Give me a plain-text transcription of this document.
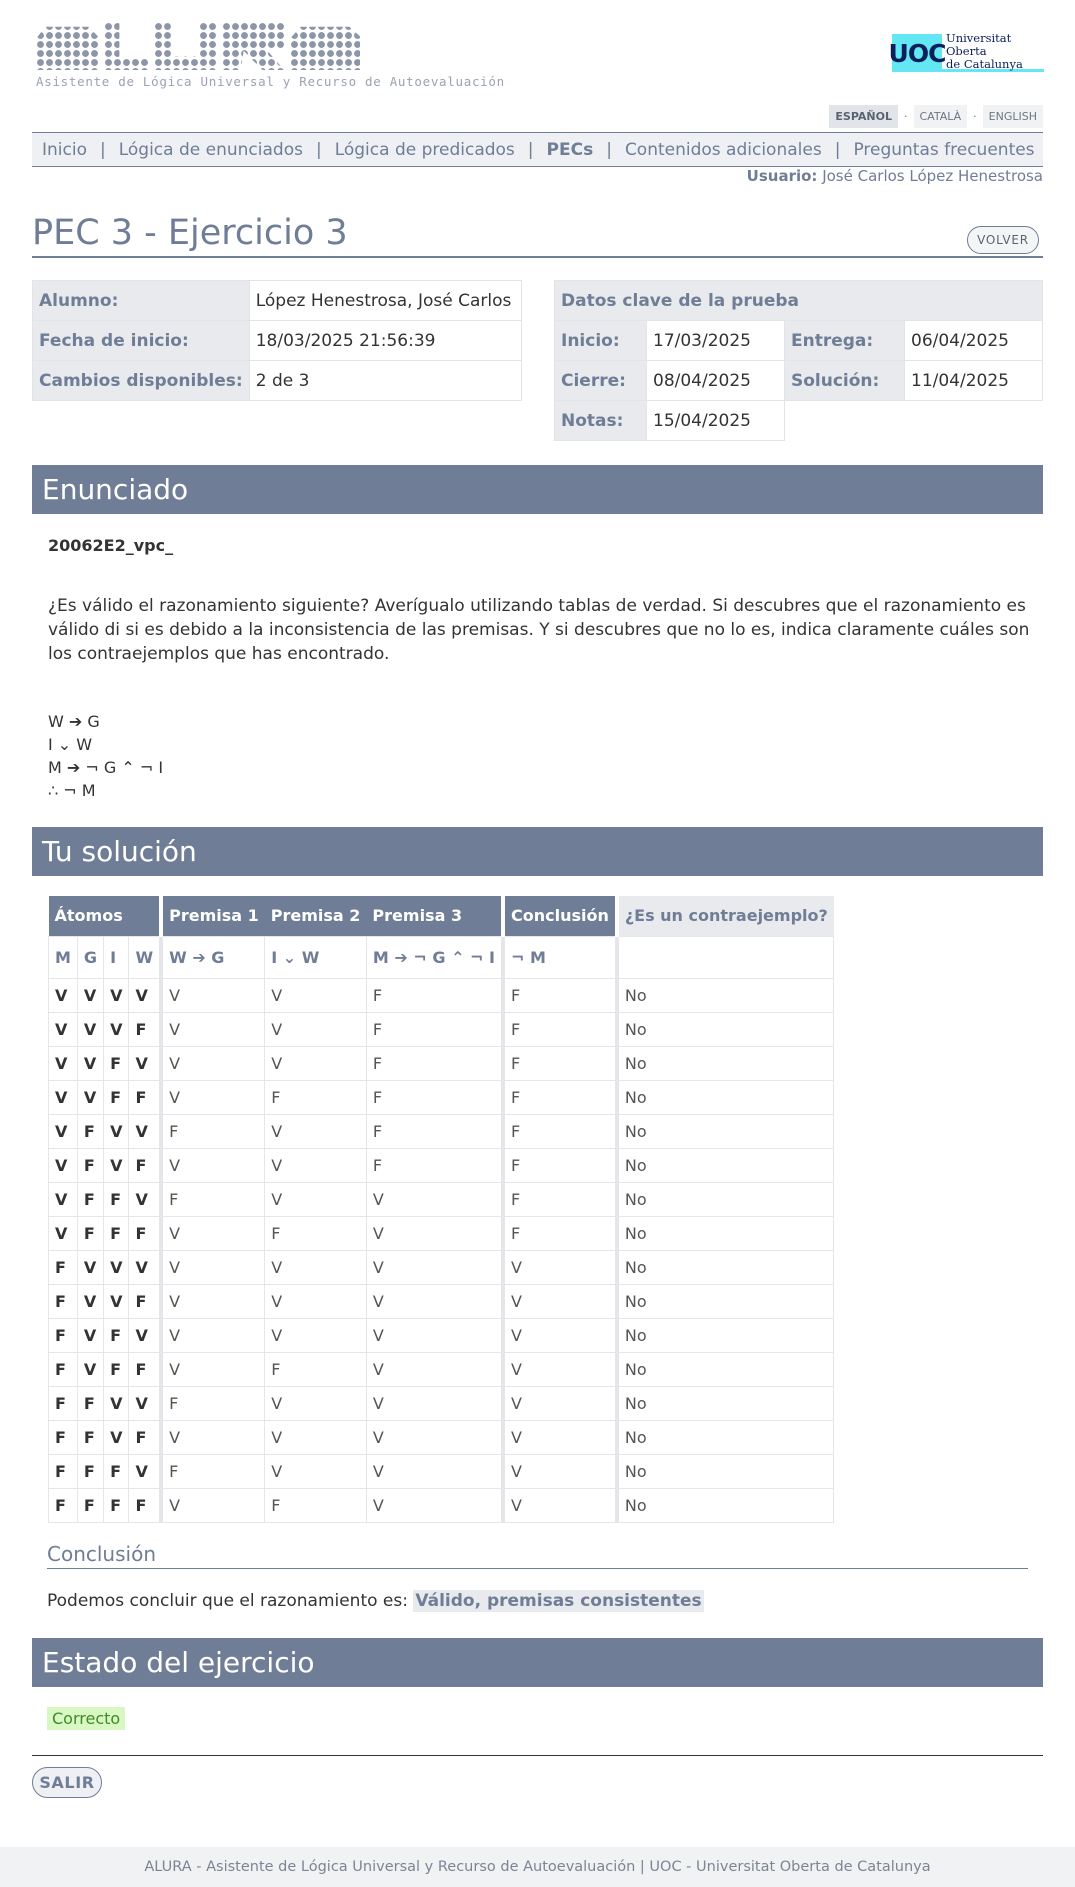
Asistente de Lógica Universal y Recurso de Autoevaluación
UOC
Universitat Oberta
de Catalunya
ESPAÑOL	·	CATALÀ	·	ENGLISH
Inicio | Lógica de enunciados | Lógica de predicados | PECs | Contenidos adicionales | Preguntas frecuentes
Usuario: José Carlos López Henestrosa
PEC 3 - Ejercicio 3	VOLVER
Alumno:	López Henestrosa, José Carlos
Fecha de inicio:	18/03/2025 21:56:39
Cambios disponibles:	2 de 3
Datos clave de la prueba			
Inicio:	17/03/2025	Entrega:	06/04/2025
Cierre:	08/04/2025	Solución:	11/04/2025
Notas:	15/04/2025		
Enunciado
20062E2_vpc_
¿Es válido el razonamiento siguiente? Averígualo utilizando tablas de verdad. Si descubres que el razonamiento es válido di si es debido a la inconsistencia de las premisas. Y si descubres que no lo es, indica claramente cuáles son los contraejemplos que has encontrado.
W ➔ G
I ⌄ W
M ➔ ¬ G ⌃ ¬ I
∴ ¬ M
Tu solución
Átomos				Premisa 1	Premisa 2	Premisa 3	Conclusión	¿Es un contraejemplo?
M	G	I	W	W ➔ G	I ⌄ W	M ➔ ¬ G ⌃ ¬ I	¬ M	
V	V	V	V	V	V	F	F	No
V	V	V	F	V	V	F	F	No
V	V	F	V	V	V	F	F	No
V	V	F	F	V	F	F	F	No
V	F	V	V	F	V	F	F	No
V	F	V	F	V	V	F	F	No
V	F	F	V	F	V	V	F	No
V	F	F	F	V	F	V	F	No
F	V	V	V	V	V	V	V	No
F	V	V	F	V	V	V	V	No
F	V	F	V	V	V	V	V	No
F	V	F	F	V	F	V	V	No
F	F	V	V	F	V	V	V	No
F	F	V	F	V	V	V	V	No
F	F	F	V	F	V	V	V	No
F	F	F	F	V	F	V	V	No
Conclusión
Podemos concluir que el razonamiento es: Válido, premisas consistentes
Estado del ejercicio
Correcto
SALIR
ALURA - Asistente de Lógica Universal y Recurso de Autoevaluación | UOC - Universitat Oberta de Catalunya
